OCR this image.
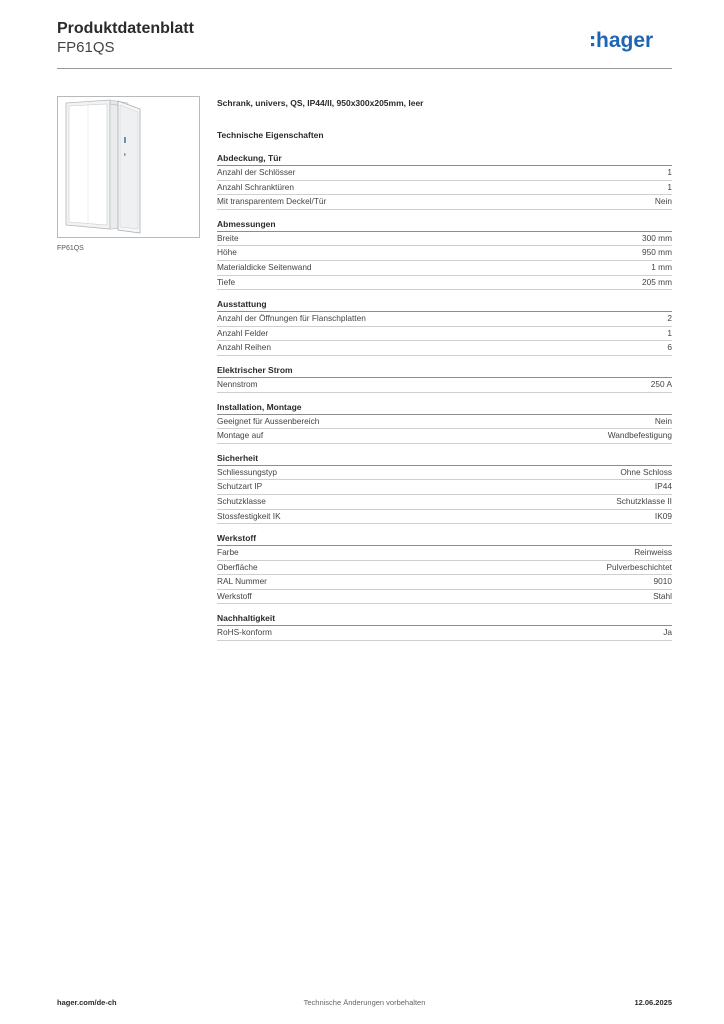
Produktdatenblatt
FP61QS	hager
FP61QS
Schrank, univers, QS, IP44/II, 950x300x205mm, leer
Technische Eigenschaften
Abdeckung, Tür
Anzahl der Schlösser	1
Anzahl Schranktüren	1
Mit transparentem Deckel/Tür	Nein
Abmessungen
Breite	300 mm
Höhe	950 mm
Materialdicke Seitenwand	1 mm
Tiefe	205 mm
Ausstattung
Anzahl der Öffnungen für Flanschplatten	2
Anzahl Felder	1
Anzahl Reihen	6
Elektrischer Strom
Nennstrom	250 A
Installation, Montage
Geeignet für Aussenbereich	Nein
Montage auf	Wandbefestigung
Sicherheit
Schliessungstyp	Ohne Schloss
Schutzart IP	IP44
Schutzklasse	Schutzklasse II
Stossfestigkeit IK	IK09
Werkstoff
Farbe	Reinweiss
Oberfläche	Pulverbeschichtet
RAL Nummer	9010
Werkstoff	Stahl
Nachhaltigkeit
RoHS-konform	Ja
hager.com/de-ch	Technische Änderungen vorbehalten	12.06.2025
